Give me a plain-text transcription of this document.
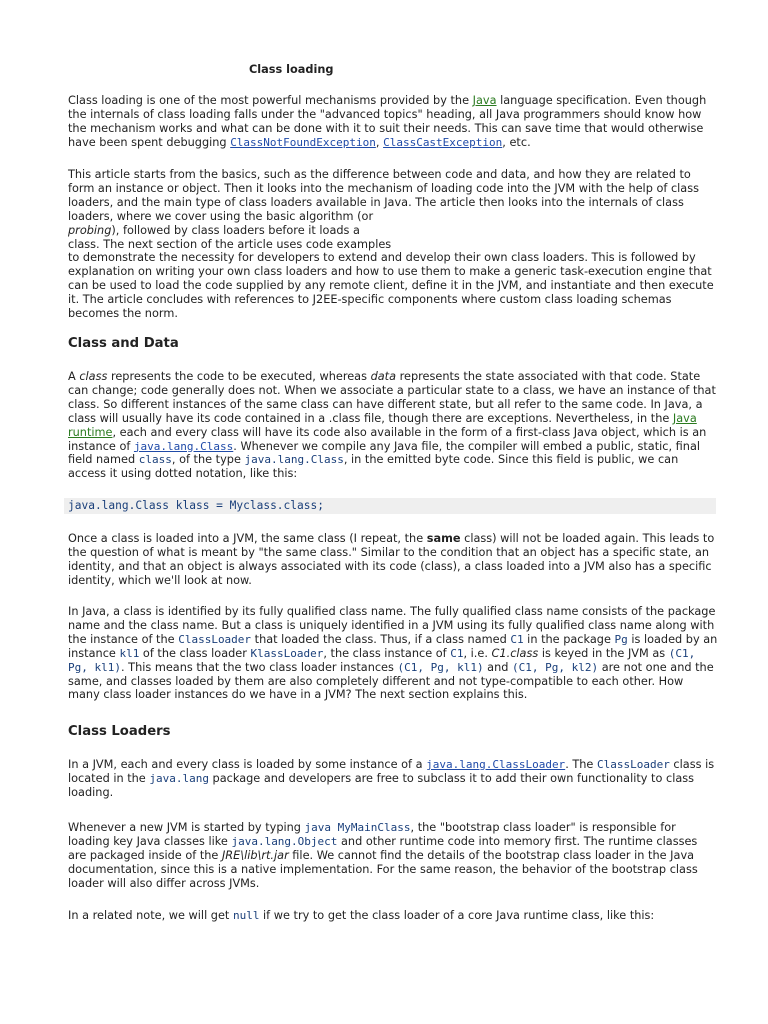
Class loading

Class loading is one of the most powerful mechanisms provided by the Java language specification. Even though the internals of class loading falls under the "advanced topics" heading, all Java programmers should know how the mechanism works and what can be done with it to suit their needs. This can save time that would otherwise have been spent debugging ClassNotFoundException, ClassCastException, etc.

This article starts from the basics, such as the difference between code and data, and how they are related to form an instance or object. Then it looks into the mechanism of loading code into the JVM with the help of class loaders, and the main type of class loaders available in Java. The article then looks into the internals of class loaders, where we cover using the basic algorithm (or
probing), followed by class loaders before it loads a
class. The next section of the article uses code examples
to demonstrate the necessity for developers to extend and develop their own class loaders. This is followed by explanation on writing your own class loaders and how to use them to make a generic task-execution engine that can be used to load the code supplied by any remote client, define it in the JVM, and instantiate and then execute it. The article concludes with references to J2EE-specific components where custom class loading schemas becomes the norm.

Class and Data

A class represents the code to be executed, whereas data represents the state associated with that code. State can change; code generally does not. When we associate a particular state to a class, we have an instance of that class. So different instances of the same class can have different state, but all refer to the same code. In Java, a class will usually have its code contained in a .class file, though there are exceptions. Nevertheless, in the Java runtime, each and every class will have its code also available in the form of a first-class Java object, which is an instance of java.lang.Class. Whenever we compile any Java file, the compiler will embed a public, static, final field named class, of the type java.lang.Class, in the emitted byte code. Since this field is public, we can access it using dotted notation, like this:

java.lang.Class klass = Myclass.class;

Once a class is loaded into a JVM, the same class (I repeat, the same class) will not be loaded again. This leads to the question of what is meant by "the same class." Similar to the condition that an object has a specific state, an identity, and that an object is always associated with its code (class), a class loaded into a JVM also has a specific identity, which we'll look at now.

In Java, a class is identified by its fully qualified class name. The fully qualified class name consists of the package name and the class name. But a class is uniquely identified in a JVM using its fully qualified class name along with the instance of the ClassLoader that loaded the class. Thus, if a class named C1 in the package Pg is loaded by an instance kl1 of the class loader KlassLoader, the class instance of C1, i.e. C1.class is keyed in the JVM as (C1, Pg, kl1). This means that the two class loader instances (C1, Pg, kl1) and (C1, Pg, kl2) are not one and the same, and classes loaded by them are also completely different and not type-compatible to each other. How many class loader instances do we have in a JVM? The next section explains this.

Class Loaders

In a JVM, each and every class is loaded by some instance of a java.lang.ClassLoader. The ClassLoader class is located in the java.lang package and developers are free to subclass it to add their own functionality to class loading.

Whenever a new JVM is started by typing java MyMainClass, the "bootstrap class loader" is responsible for loading key Java classes like java.lang.Object and other runtime code into memory first. The runtime classes are packaged inside of the JRE\lib\rt.jar file. We cannot find the details of the bootstrap class loader in the Java documentation, since this is a native implementation. For the same reason, the behavior of the bootstrap class loader will also differ across JVMs.

In a related note, we will get null if we try to get the class loader of a core Java runtime class, like this:
